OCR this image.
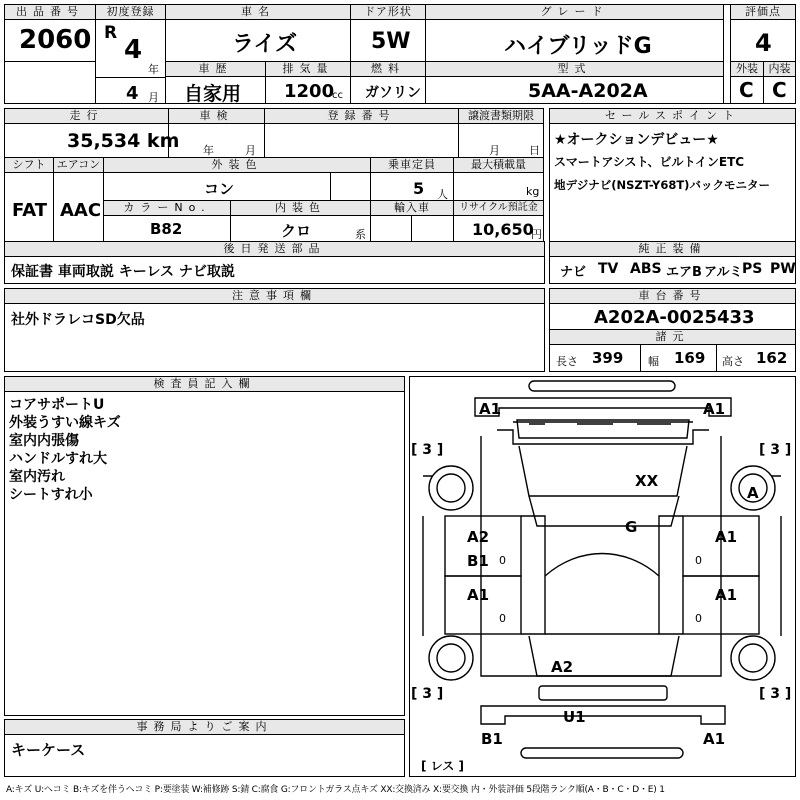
出品番号
2060
初度登録
R
4
年
4 月
車名
ライズ
ドア形状
5W
グレード
ハイブリッドG
評価点
4
車歴
自家用
排気量
1200
cc
燃料
ガソリン
型式
5AA-A202A
外装
C
内装
C
走行
35,534 km
車検
年	月
登録番号	譲渡書類期限
月	日
シフト
FAT
エアコン
AAC
外装色
コン
乗車定員
5 人
最大積載量
kg
カラーNo.
B82
内装色
クロ	系
輸入車	リサイクル預託金
10,650
円
セールスポイント
★オークションデビュー★
スマートアシスト、ビルトインETC
地デジナビ(NSZT-Y68T)バックモニター
後日発送部品
保証書 車両取説 キーレス ナビ取説
純正装備
ナビ TV ABS エアB アルミ PS PW
注意事項欄
社外ドラレコSD欠品
車台番号
A202A-0025433
諸元
長さ 399 幅 169 高さ 162
検査員記入欄
コアサポートU
外装うすい線キズ
室内内張傷
ハンドルすれ大
室内汚れ
シートすれ小
事務局よりご案内
キーケース
A1	A1
[ 3 ]	[ 3 ]
XX
A
G
A2
B1 0	0
A1
A1
0	0
A1
A2
[ 3 ]	[ 3 ]
U1
B1	A1
[ レス ]
A:キズ U:ヘコミ B:キズを伴うヘコミ P:要塗装 W:補修跡 S:錆 C:腐食 G:フロントガラス点キズ XX:交換済み X:要交換 内・外装評価 5段階ランク順(A・B・C・D・E) 1
